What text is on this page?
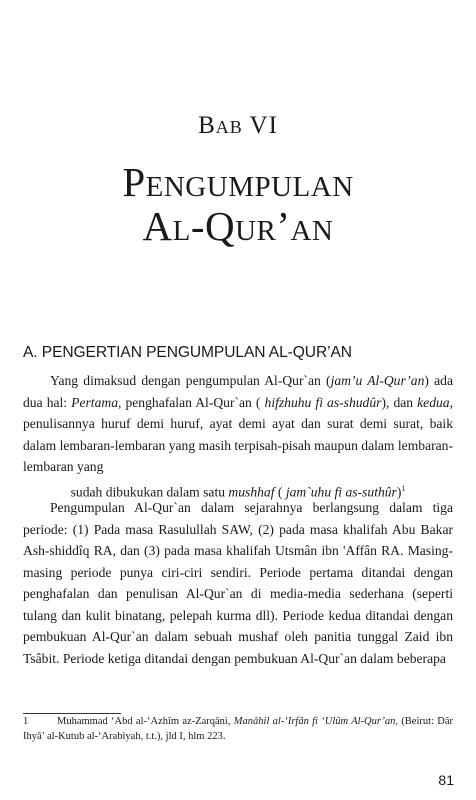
Bab VI
Pengumpulan
Al-Qur’an
A. PENGERTIAN PENGUMPULAN AL-QUR’AN

Yang dimaksud dengan pengumpulan Al-Qur`an (jam’u Al-Qur’an) ada dua hal: Pertama, penghafalan Al-Qur`an ( hifzhuhu fi as-shudûr), dan kedua, penulisannya huruf demi huruf, ayat demi ayat dan surat demi surat, baik dalam lembaran-lembaran yang masih terpisah-pisah maupun dalam lembaran-lembaran yang

sudah dibukukan dalam satu mushhaf ( jam`uhu fi as-suthûr)$^1$

Pengumpulan Al-Qur`an dalam sejarahnya berlangsung dalam tiga periode: (1) Pada masa Rasulullah SAW, (2) pada masa khalifah Abu Bakar Ash-shiddîq RA, dan (3) pada masa khalifah Utsmân ibn 'Affân RA. Masing-masing periode punya ciri-ciri sendiri. Periode pertama ditandai dengan penghafalan dan penulisan Al-Qur`an di media-media sederhana (seperti tulang dan kulit binatang, pelepah kurma dll). Periode kedua ditandai dengan pembukuan Al-Qur`an dalam sebuah mushaf oleh panitia tunggal Zaid ibn Tsâbit. Periode ketiga ditandai dengan pembukuan Al-Qur`an dalam beberapa

1	Muhammad ‘Abd al-‘Azhîm az-Zarqâni, Manâhil al-‘Irfân fi ‘Ulûm Al-Qur’an, (Beirut: Dâr Ihyâ’ al-Kutub al-‘Arabiyah, t.t.), jld I, hlm 223.
81
